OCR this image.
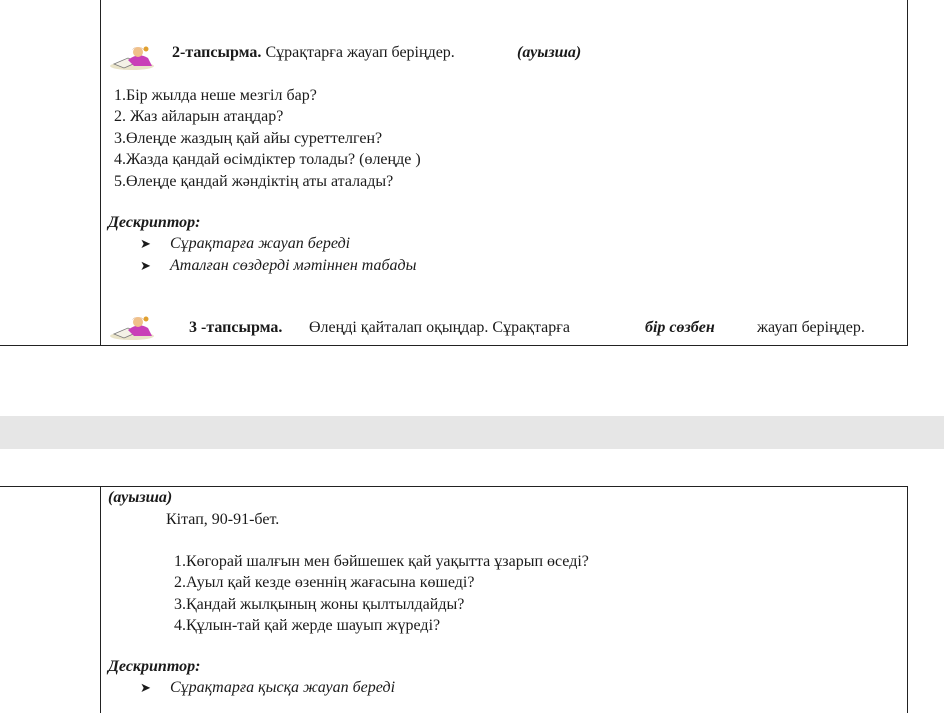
2-тапсырма. Сұрақтарға жауап беріңдер.	(ауызша)
1.Бір жылда неше мезгіл бар?
2. Жаз айларын атаңдар?
3.Өлеңде жаздың қай айы суреттелген?
4.Жазда қандай өсімдіктер толады? (өлеңде )
5.Өлеңде қандай жәндіктің аты аталады?
Дескриптор:
➤ Сұрақтарға жауап береді
➤ Аталған сөздерді мәтіннен табады
3 -тапсырма. Өлеңді қайталап оқыңдар. Сұрақтарға	бір сөзбен	жауап беріңдер.
(ауызша)
Кітап, 90-91-бет.
1.Көгорай шалғын мен бәйшешек қай уақытта ұзарып өседі?
2.Ауыл қай кезде өзеннің жағасына көшеді?
3.Қандай жылқының жоны қылтылдайды?
4.Құлын-тай қай жерде шауып жүреді?
Дескриптор:
➤ Сұрақтарға қысқа жауап береді
